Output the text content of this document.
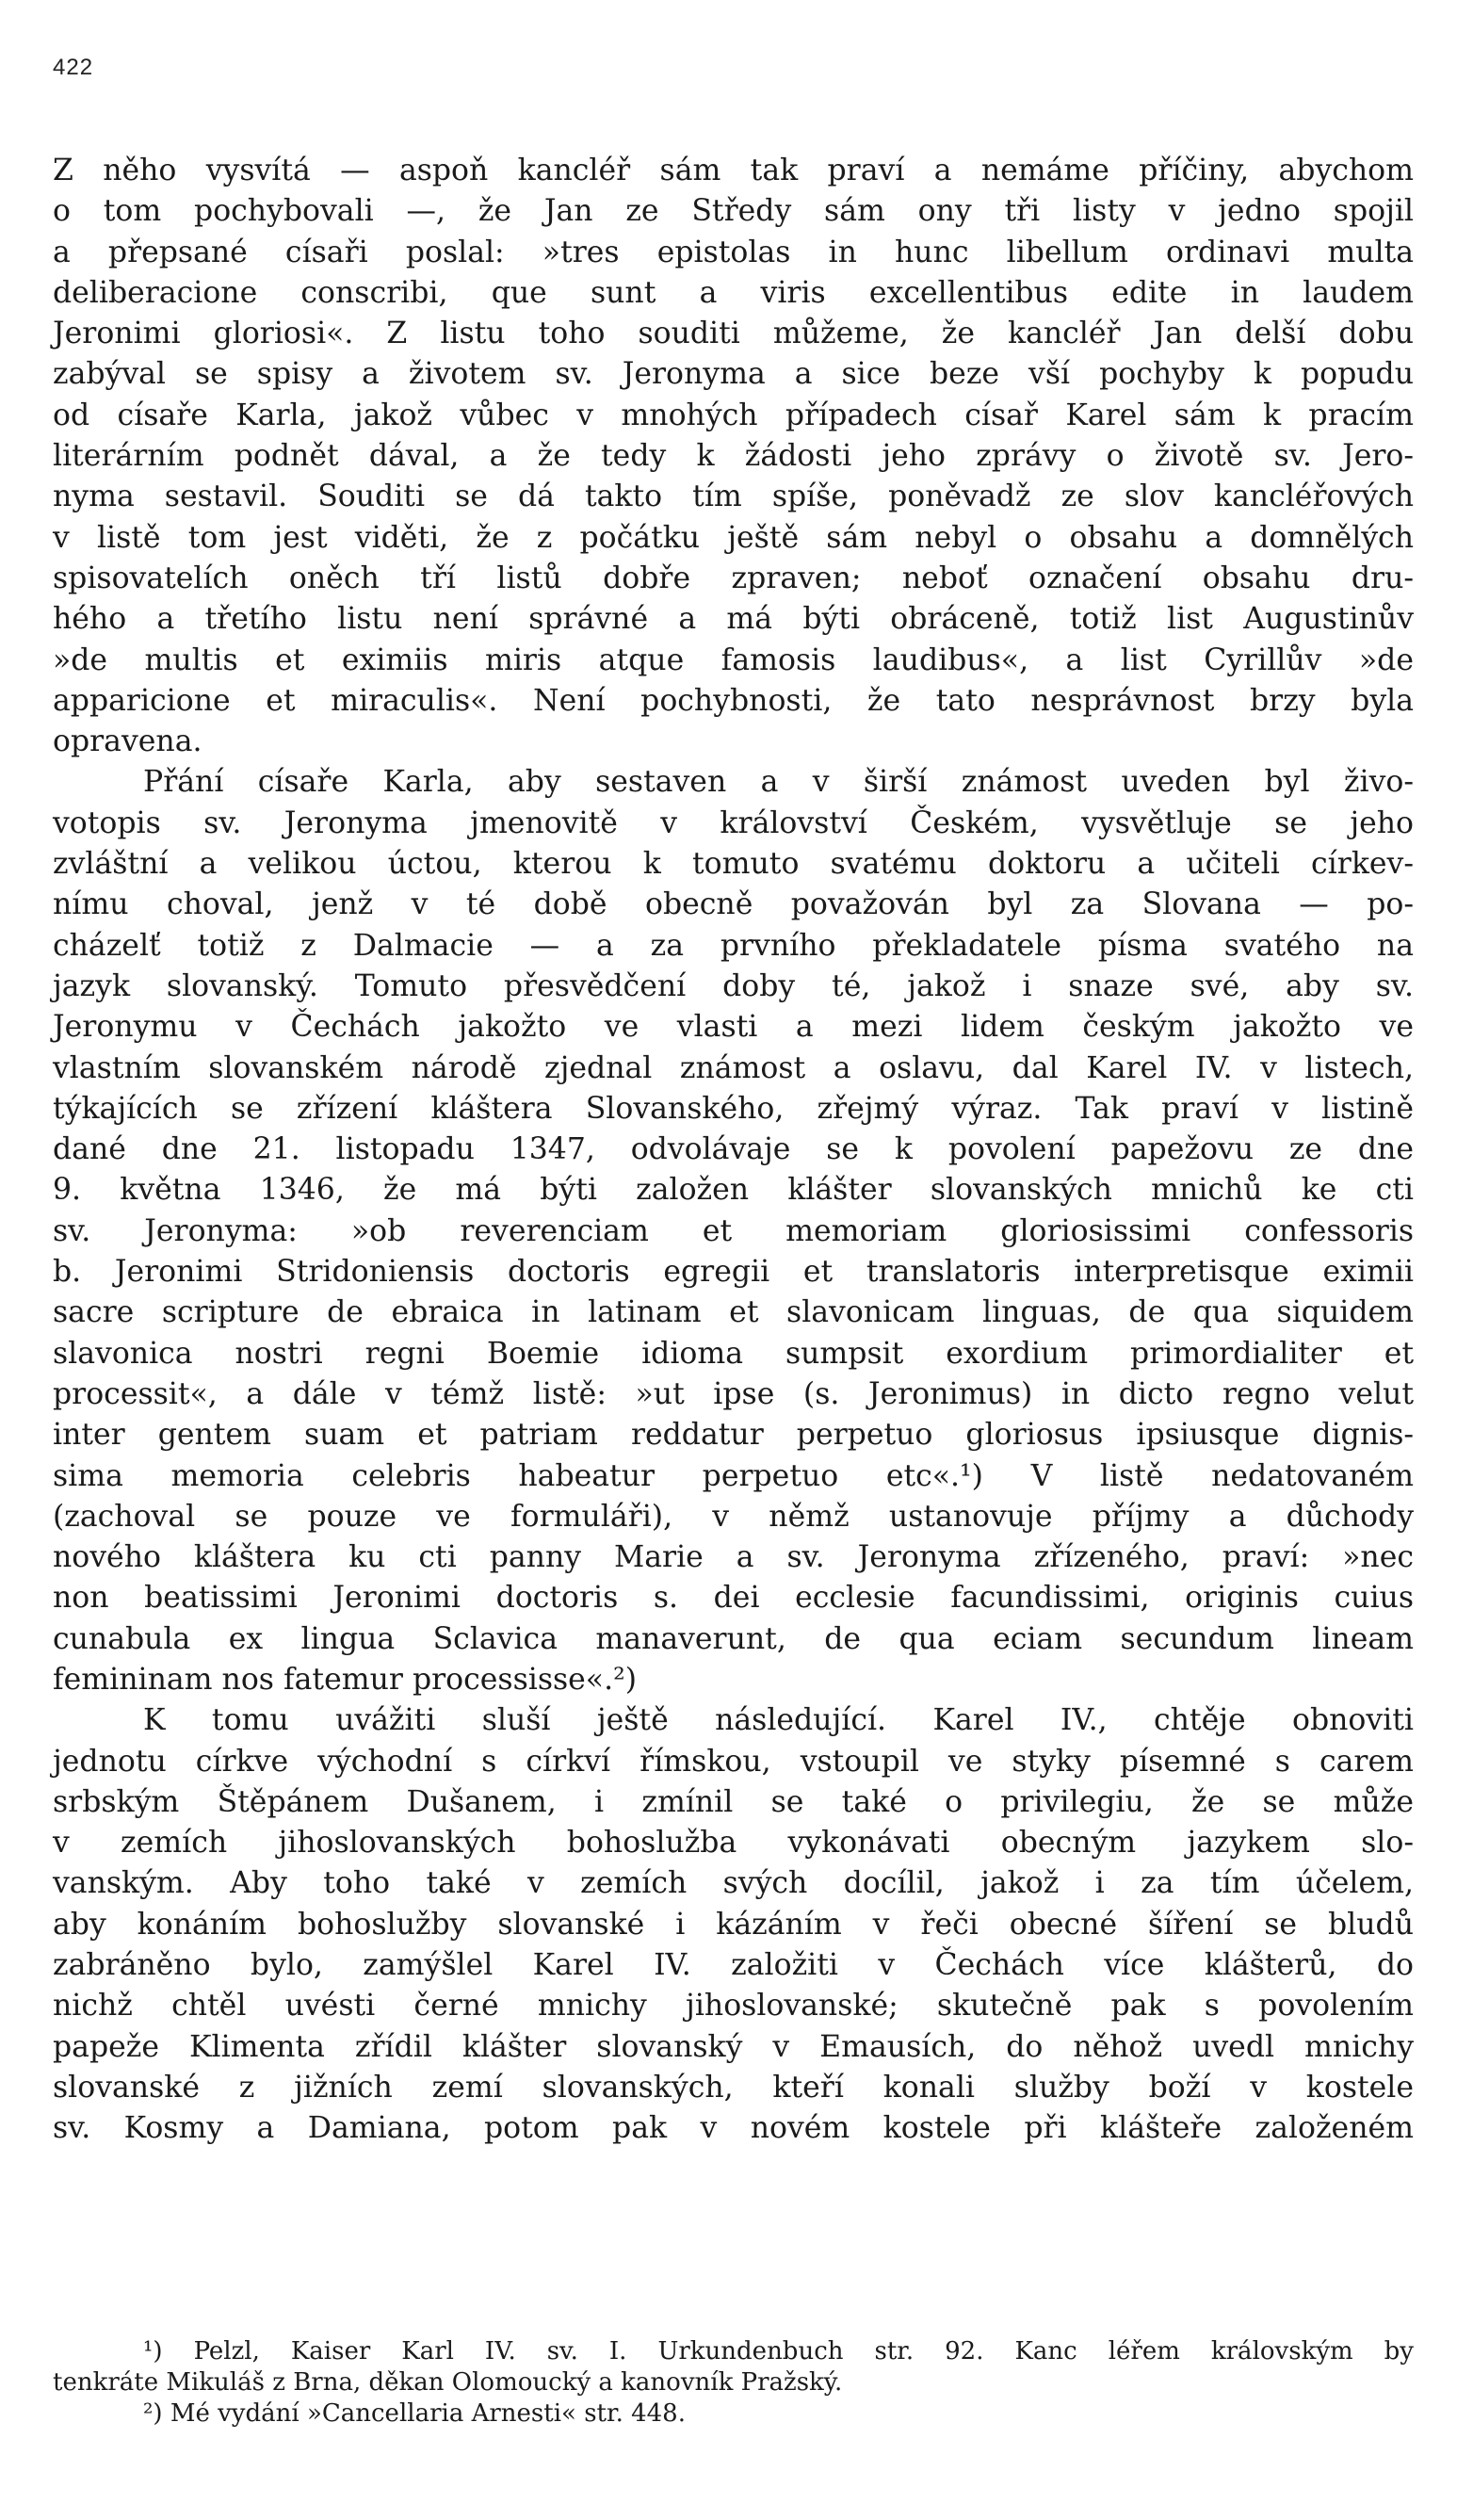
422
Z něho vysvítá — aspoň kancléř sám tak praví a nemáme příčiny, abychom
o tom pochybovali —, že Jan ze Středy sám ony tři listy v jedno spojil
a přepsané císaři poslal: »tres epistolas in hunc libellum ordinavi multa
deliberacione conscribi, que sunt a viris excellentibus edite in laudem
Jeronimi gloriosi«. Z listu toho souditi můžeme, že kancléř Jan delší dobu
zabýval se spisy a životem sv. Jeronyma a sice beze vší pochyby k popudu
od císaře Karla, jakož vůbec v mnohých případech císař Karel sám k pracím
literárním podnět dával, a že tedy k žádosti jeho zprávy o životě sv. Jero-
nyma sestavil. Souditi se dá takto tím spíše, poněvadž ze slov kancléřových
v listě tom jest viděti, že z počátku ještě sám nebyl o obsahu a domnělých
spisovatelích oněch tří listů dobře zpraven; neboť označení obsahu dru-
hého a třetího listu není správné a má býti obráceně, totiž list Augustinův
»de multis et eximiis miris atque famosis laudibus«, a list Cyrillův »de
apparicione et miraculis«. Není pochybnosti, že tato nesprávnost brzy byla
opravena.
Přání císaře Karla, aby sestaven a v širší známost uveden byl živo-
votopis sv. Jeronyma jmenovitě v království Českém, vysvětluje se jeho
zvláštní a velikou úctou, kterou k tomuto svatému doktoru a učiteli církev-
nímu choval, jenž v té době obecně považován byl za Slovana — po-
cházelť totiž z Dalmacie — a za prvního překladatele písma svatého na
jazyk slovanský. Tomuto přesvědčení doby té, jakož i snaze své, aby sv.
Jeronymu v Čechách jakožto ve vlasti a mezi lidem českým jakožto ve
vlastním slovanském národě zjednal známost a oslavu, dal Karel IV. v listech,
týkajících se zřízení kláštera Slovanského, zřejmý výraz. Tak praví v listině
dané dne 21. listopadu 1347, odvolávaje se k povolení papežovu ze dne
9. května 1346, že má býti založen klášter slovanských mnichů ke cti
sv. Jeronyma: »ob reverenciam et memoriam gloriosissimi confessoris
b. Jeronimi Stridoniensis doctoris egregii et translatoris interpretisque eximii
sacre scripture de ebraica in latinam et slavonicam linguas, de qua siquidem
slavonica nostri regni Boemie idioma sumpsit exordium primordialiter et
processit«, a dále v témž listě: »ut ipse (s. Jeronimus) in dicto regno velut
inter gentem suam et patriam reddatur perpetuo gloriosus ipsiusque dignis-
sima memoria celebris habeatur perpetuo etc«.¹) V listě nedatovaném
(zachoval se pouze ve formuláři), v němž ustanovuje příjmy a důchody
nového kláštera ku cti panny Marie a sv. Jeronyma zřízeného, praví: »nec
non beatissimi Jeronimi doctoris s. dei ecclesie facundissimi, originis cuius
cunabula ex lingua Sclavica manaverunt, de qua eciam secundum lineam
femininam nos fatemur processisse«.²)
K tomu uvážiti sluší ještě následující. Karel IV., chtěje obnoviti
jednotu církve východní s církví římskou, vstoupil ve styky písemné s carem
srbským Štěpánem Dušanem, i zmínil se také o privilegiu, že se může
v zemích jihoslovanských bohoslužba vykonávati obecným jazykem slo-
vanským. Aby toho také v zemích svých docílil, jakož i za tím účelem,
aby konáním bohoslužby slovanské i kázáním v řeči obecné šíření se bludů
zabráněno bylo, zamýšlel Karel IV. založiti v Čechách více klášterů, do
nichž chtěl uvésti černé mnichy jihoslovanské; skutečně pak s povolením
papeže Klimenta zřídil klášter slovanský v Emausích, do něhož uvedl mnichy
slovanské z jižních zemí slovanských, kteří konali služby boží v kostele
sv. Kosmy a Damiana, potom pak v novém kostele při klášteře založeném
¹) Pelzl, Kaiser Karl IV. sv. I. Urkundenbuch str. 92. Kanc léřem královským by
tenkráte Mikuláš z Brna, děkan Olomoucký a kanovník Pražský.
²) Mé vydání »Cancellaria Arnesti« str. 448.
